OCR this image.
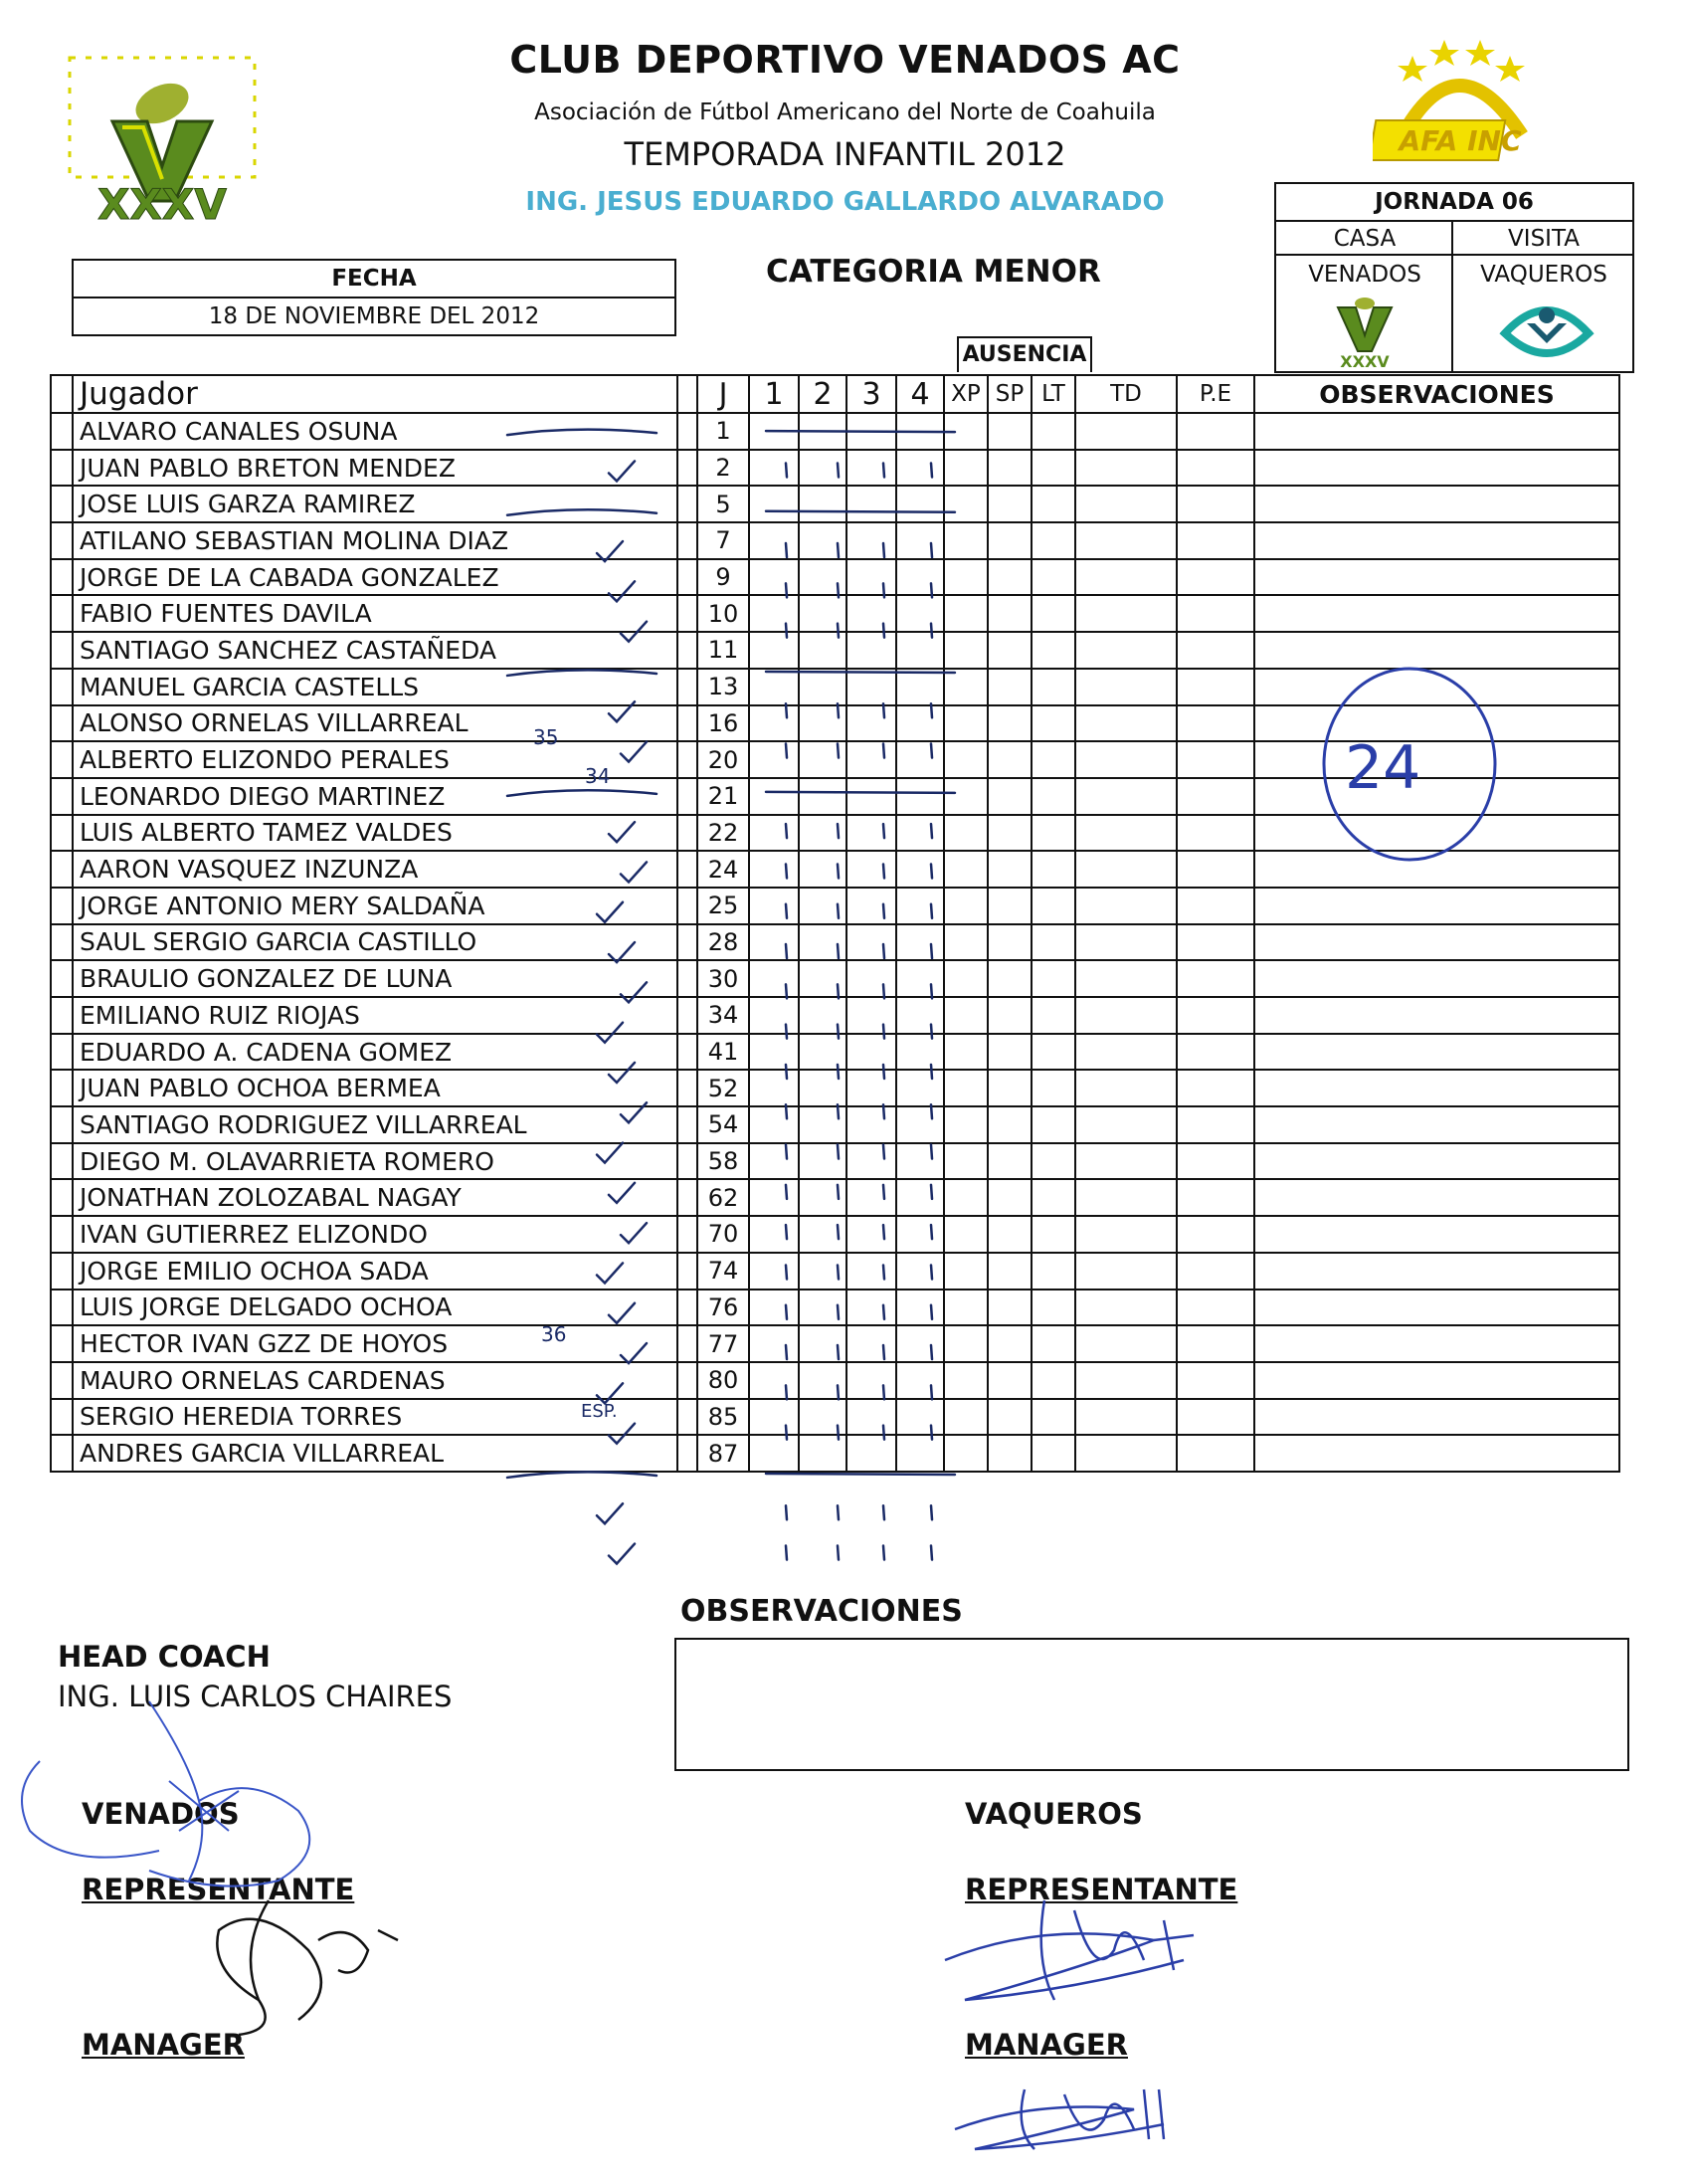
CLUB DEPORTIVO VENADOS AC
Asociación de Fútbol Americano del Norte de Coahuila
TEMPORADA INFANTIL 2012
ING. JESUS EDUARDO GALLARDO ALVARADO
XXXV
AFA INC
FECHA
18 DE NOVIEMBRE DEL 2012
CATEGORIA MENOR
JORNADA 06
CASA	VISITA
VENADOS	VAQUEROS
XXXV
AUSENCIA
	Jugador		J	1	2	3	4	XP	SP	LT	TD	P.E	OBSERVACIONES
	ALVARO CANALES OSUNA		1										
	JUAN PABLO BRETON MENDEZ		2										
	JOSE LUIS GARZA RAMIREZ		5										
	ATILANO SEBASTIAN MOLINA DIAZ		7										
	JORGE DE LA CABADA GONZALEZ		9										
	FABIO FUENTES DAVILA		10										
	SANTIAGO SANCHEZ CASTAÑEDA		11										
	MANUEL GARCIA CASTELLS		13										
	ALONSO ORNELAS VILLARREAL		16										
	ALBERTO ELIZONDO PERALES		20										
	LEONARDO DIEGO MARTINEZ		21										
	LUIS ALBERTO TAMEZ VALDES		22										
	AARON VASQUEZ INZUNZA		24										
	JORGE ANTONIO MERY SALDAÑA		25										
	SAUL SERGIO GARCIA CASTILLO		28										
	BRAULIO GONZALEZ DE LUNA		30										
	EMILIANO RUIZ RIOJAS		34										
	EDUARDO A. CADENA GOMEZ		41										
	JUAN PABLO OCHOA BERMEA		52										
	SANTIAGO RODRIGUEZ VILLARREAL		54										
	DIEGO M. OLAVARRIETA ROMERO		58										
	JONATHAN ZOLOZABAL NAGAY		62										
	IVAN GUTIERREZ ELIZONDO		70										
	JORGE EMILIO OCHOA SADA		74										
	LUIS JORGE DELGADO OCHOA		76										
	HECTOR IVAN GZZ DE HOYOS		77										
	MAURO ORNELAS CARDENAS		80										
	SERGIO HEREDIA TORRES		85										
	ANDRES GARCIA VILLARREAL		87										
24
35
34
36
ESP.
OBSERVACIONES
HEAD COACH
ING. LUIS CARLOS CHAIRES
VENADOS	VAQUEROS
REPRESENTANTE	REPRESENTANTE
MANAGER	MANAGER
